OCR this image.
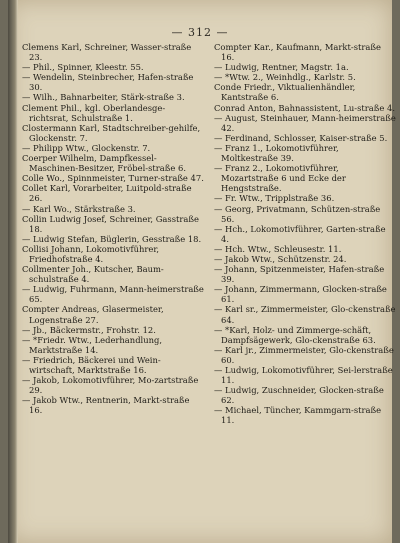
— 312 —

Clemens Karl, Schreiner, Wasser-straße 23.

— Phil., Spinner, Kleestr. 55.

— Wendelin, Steinbrecher, Hafen-straße 30.

— Wilh., Bahnarbeiter, Stärk-straße 3.

Clement Phil., kgl. Oberlandesge-richtsrat, Schulstraße 1.

Clostermann Karl, Stadtschreiber-gehilfe, Glockenstr. 7.

— Philipp Wtw., Glockenstr. 7.

Coerper Wilhelm, Dampfkessel-Maschinen-Besitzer, Fröbel-straße 6.

Colle Wo., Spinnmeister, Turner-straße 47.

Collet Karl, Vorarbeiter, Luitpold-straße 26.

— Karl Wo., Stärkstraße 3.

Collin Ludwig Josef, Schreiner, Gasstraße 18.

— Ludwig Stefan, Büglerin, Gesstraße 18.

Collisi Johann, Lokomotivführer, Friedhofstraße 4.

Collmenter Joh., Kutscher, Baum-schulstraße 4.

— Ludwig, Fuhrmann, Mann-heimerstraße 65.

Compter Andreas, Glasermeister, Logenstraße 27.

— Jb., Bäckermstr., Frohstr. 12.

— *Friedr. Wtw., Lederhandlung, Marktstraße 14.

— Friedrich, Bäckerei und Wein-wirtschaft, Marktstraße 16.

— Jakob, Lokomotivführer, Mo-zartstraße 29.

— Jakob Wtw., Rentnerin, Markt-straße 16.

Compter Kar., Kaufmann, Markt-straße 16.

— Ludwig, Rentner, Magstr. 1a.

— *Wtw. 2., Weinhdlg., Karlstr. 5.

Conde Friedr., Viktualienhändler, Kantstraße 6.

Conrad Anton, Bahnassistent, Lu-straße 4.

— August, Steinhauer, Mann-heimerstraße 42.

— Ferdinand, Schlosser, Kaiser-straße 5.

— Franz 1., Lokomotivführer, Moltkestraße 39.

— Franz 2., Lokomotivführer, Mozartstraße 6 und Ecke der Hengststraße.

— Fr. Wtw., Tripplstraße 36.

— Georg, Privatmann, Schützen-straße 56.

— Hch., Lokomotivführer, Garten-straße 4.

— Hch. Wtw., Schleusestr. 11.

— Jakob Wtw., Schützenstr. 24.

— Johann, Spitzenmeister, Hafen-straße 39.

— Johann, Zimmermann, Glocken-straße 61.

— Karl sr., Zimmermeister, Glo-ckenstraße 64.

— *Karl, Holz- und Zimmerge-schäft, Dampfsägewerk, Glo-ckenstraße 63.

— Karl jr., Zimmermeister, Glo-ckenstraße 60.

— Ludwig, Lokomotivführer, Sei-lerstraße 11.

— Ludwig, Zuschneider, Glocken-straße 62.

— Michael, Tüncher, Kammgarn-straße 11.
